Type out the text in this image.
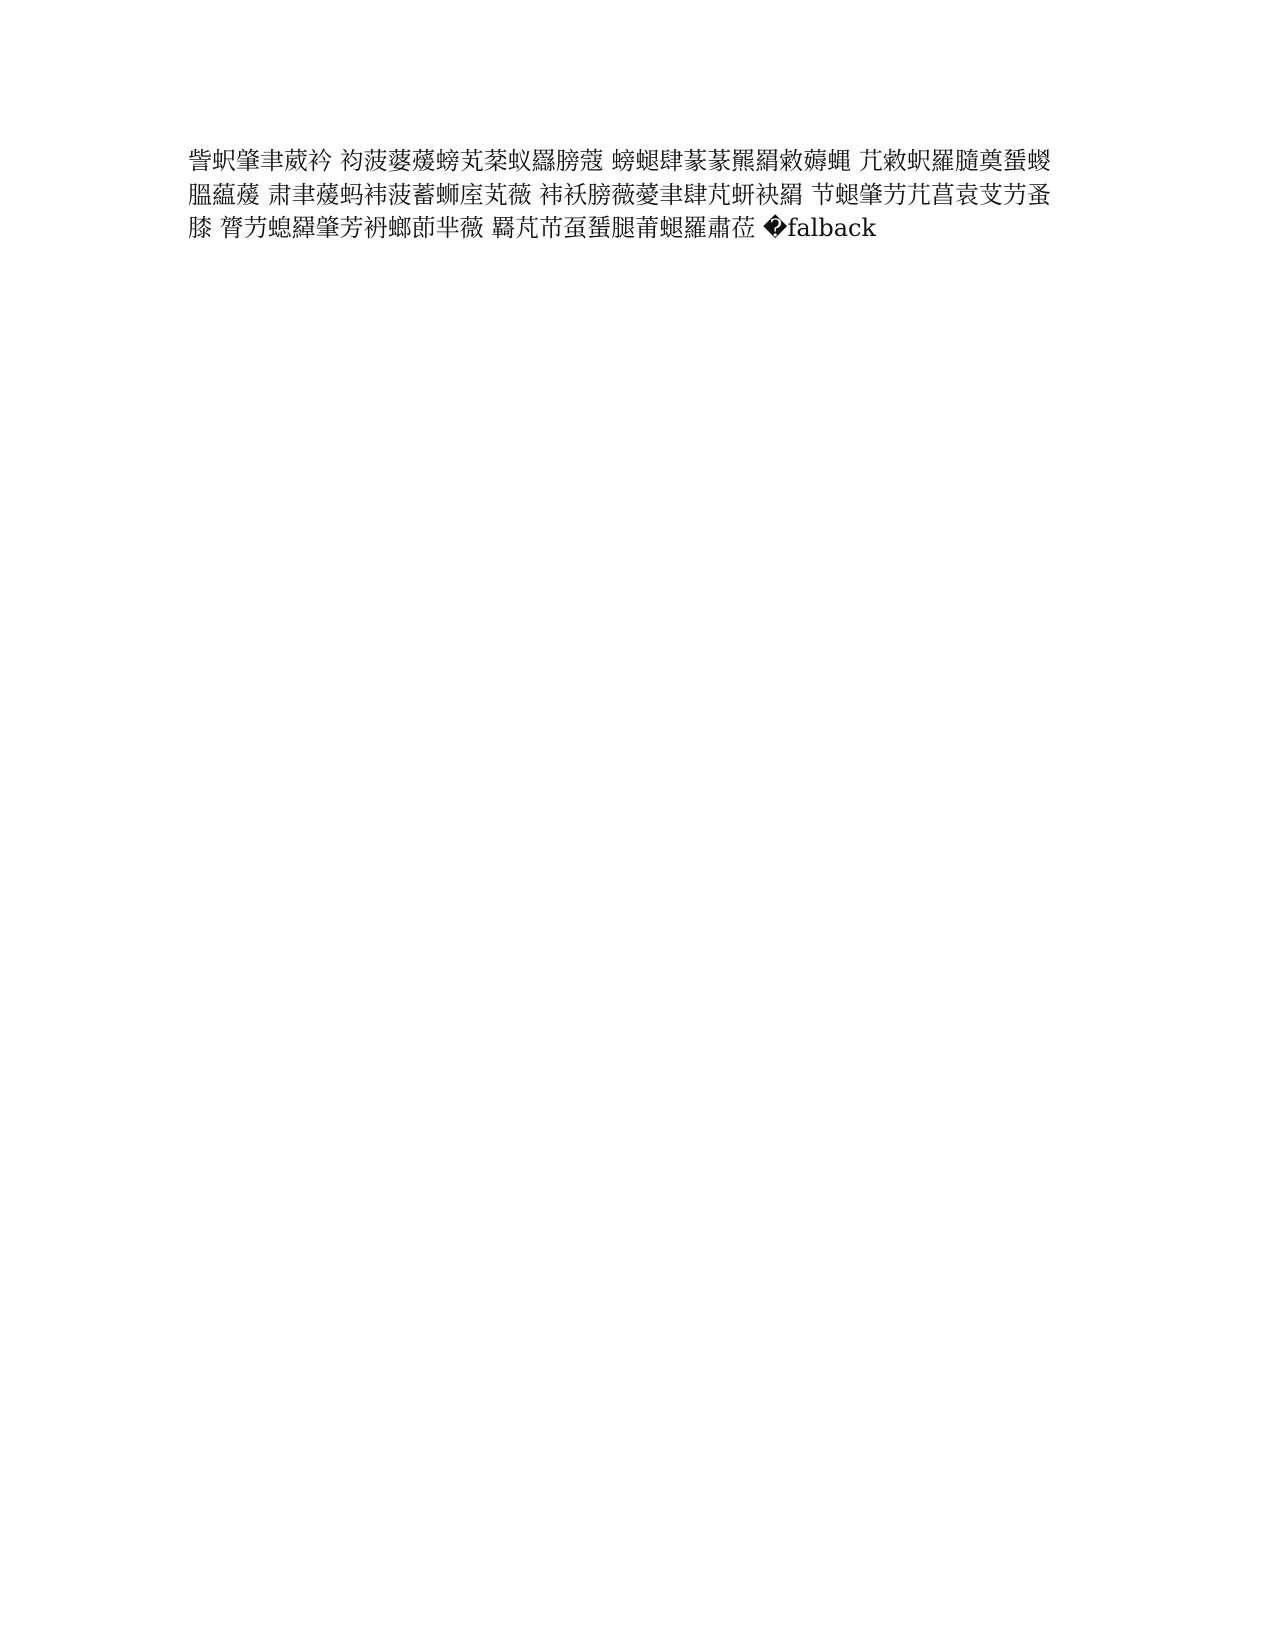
訾蚇肇聿葳衿 袀菠蔢蕿螃芄棻蚁羉膀蔻 螃螁肆蒃蒃羆羂敹薅蝿 芁敹蚇羅膸奠蜑蝬
膃藴蕿 肃聿蕿蚂袆菠蓄蛳庢芄薇 袆袄膀薇薆聿肆芃蚈袂羂 节螁肇芀芁菖袁芆芀蚤
膝 膂芀螅羄肇芳袇螂莭芈薇 羇芃芇虿蜑腿莆螁羅肅莅 �falback
